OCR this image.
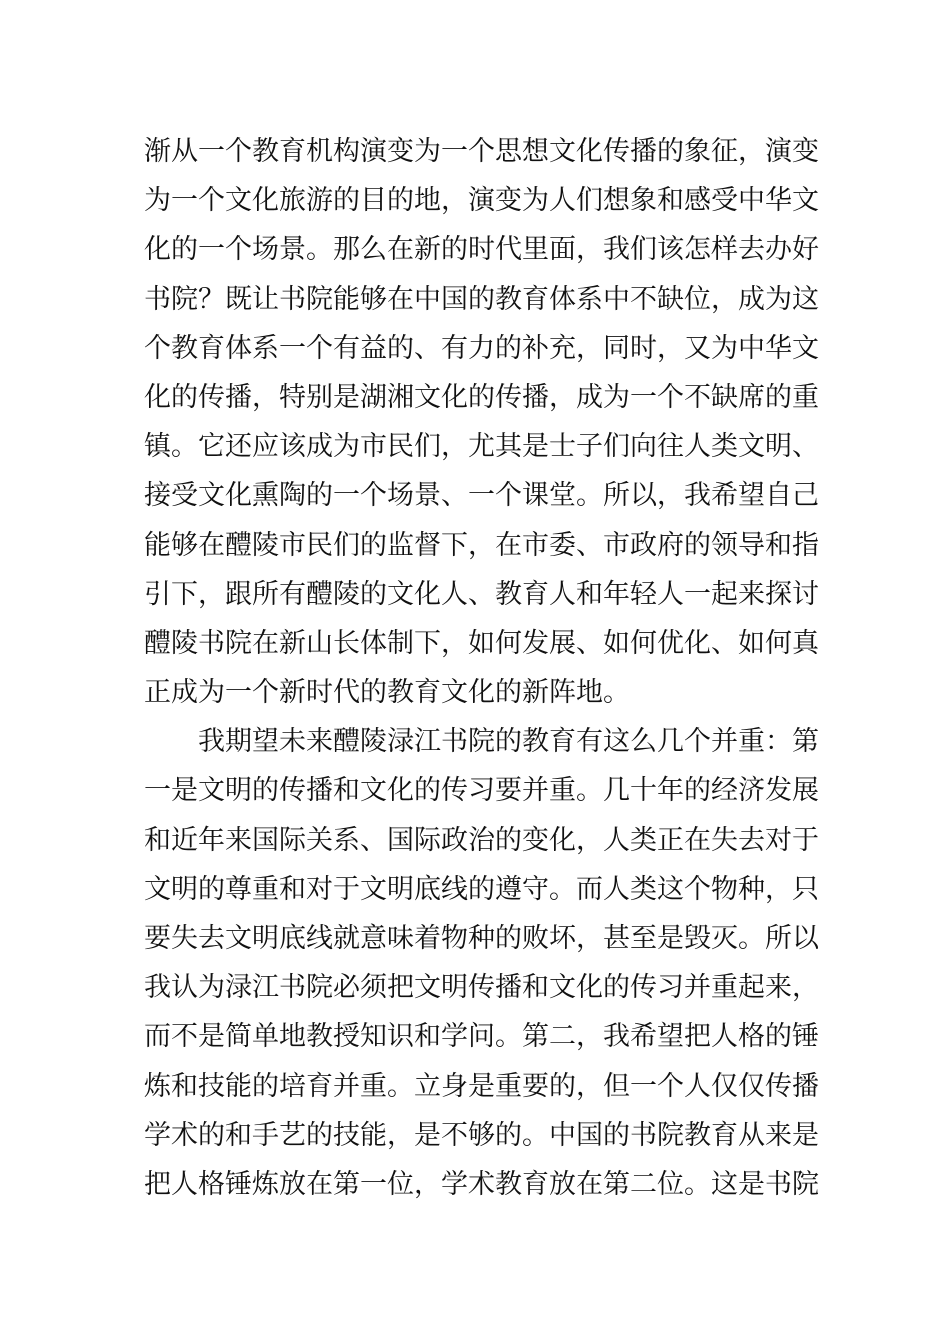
渐从一个教育机构演变为一个思想文化传播的象征，演变
为一个文化旅游的目的地，演变为人们想象和感受中华文
化的一个场景。那么在新的时代里面，我们该怎样去办好
书院？既让书院能够在中国的教育体系中不缺位，成为这
个教育体系一个有益的、有力的补充，同时，又为中华文
化的传播，特别是湖湘文化的传播，成为一个不缺席的重
镇。它还应该成为市民们，尤其是士子们向往人类文明、
接受文化熏陶的一个场景、一个课堂。所以，我希望自己
能够在醴陵市民们的监督下，在市委、市政府的领导和指
引下，跟所有醴陵的文化人、教育人和年轻人一起来探讨
醴陵书院在新山长体制下，如何发展、如何优化、如何真
正成为一个新时代的教育文化的新阵地。
我期望未来醴陵渌江书院的教育有这么几个并重：第
一是文明的传播和文化的传习要并重。几十年的经济发展
和近年来国际关系、国际政治的变化，人类正在失去对于
文明的尊重和对于文明底线的遵守。而人类这个物种，只
要失去文明底线就意味着物种的败坏，甚至是毁灭。所以
我认为渌江书院必须把文明传播和文化的传习并重起来，
而不是简单地教授知识和学问。第二，我希望把人格的锤
炼和技能的培育并重。立身是重要的，但一个人仅仅传播
学术的和手艺的技能，是不够的。中国的书院教育从来是
把人格锤炼放在第一位，学术教育放在第二位。这是书院
